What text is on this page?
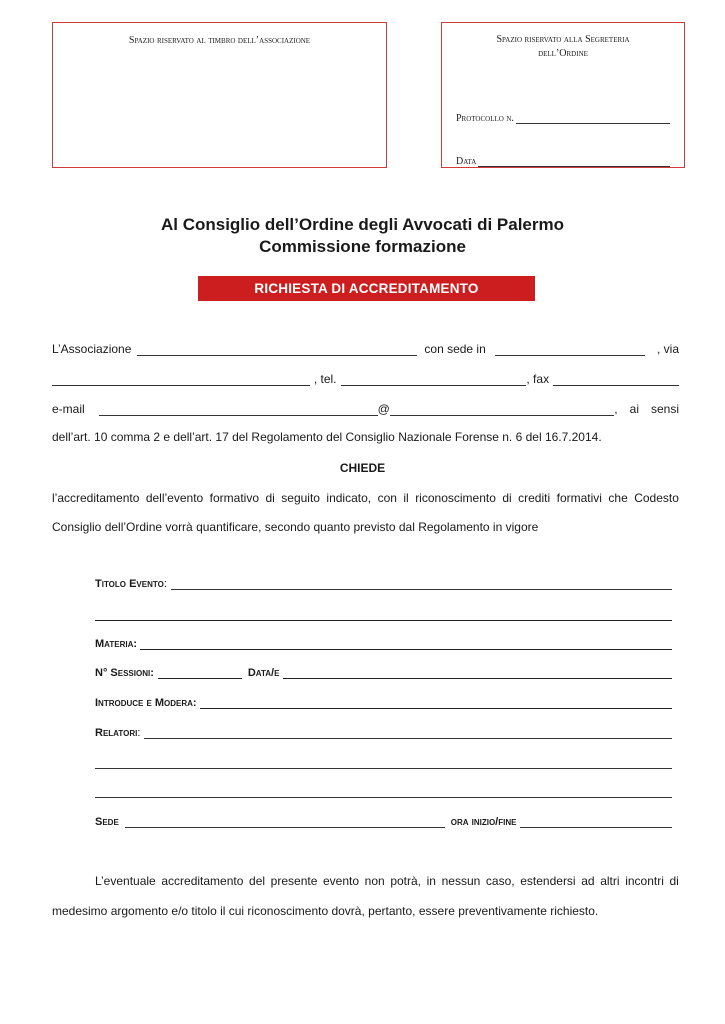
Spazio riservato al timbro dell’associazione	Spazio riservato alla Segreteria
dell’Ordine
Protocollo n.
Data
Al Consiglio dell’Ordine degli Avvocati di Palermo
Commissione formazione
RICHIESTA DI ACCREDITAMENTO
L’Associazione	con sede in	, via
, tel.	, fax
e-mail	@	, ai sensi
dell’art. 10 comma 2 e dell’art. 17 del Regolamento del Consiglio Nazionale Forense n. 6 del 16.7.2014.
CHIEDE
l’accreditamento dell’evento formativo di seguito indicato, con il riconoscimento di crediti formativi che Codesto
Consiglio dell’Ordine vorrà quantificare, secondo quanto previsto dal Regolamento in vigore
Titolo Evento :
Materia:
N° Sessioni:	Data/e
Introduce e Modera:
Relatori :
Sede	ora inizio/fine
L’eventuale accreditamento del presente evento non potrà, in nessun caso, estendersi ad altri incontri di
medesimo argomento e/o titolo il cui riconoscimento dovrà, pertanto, essere preventivamente richiesto.
